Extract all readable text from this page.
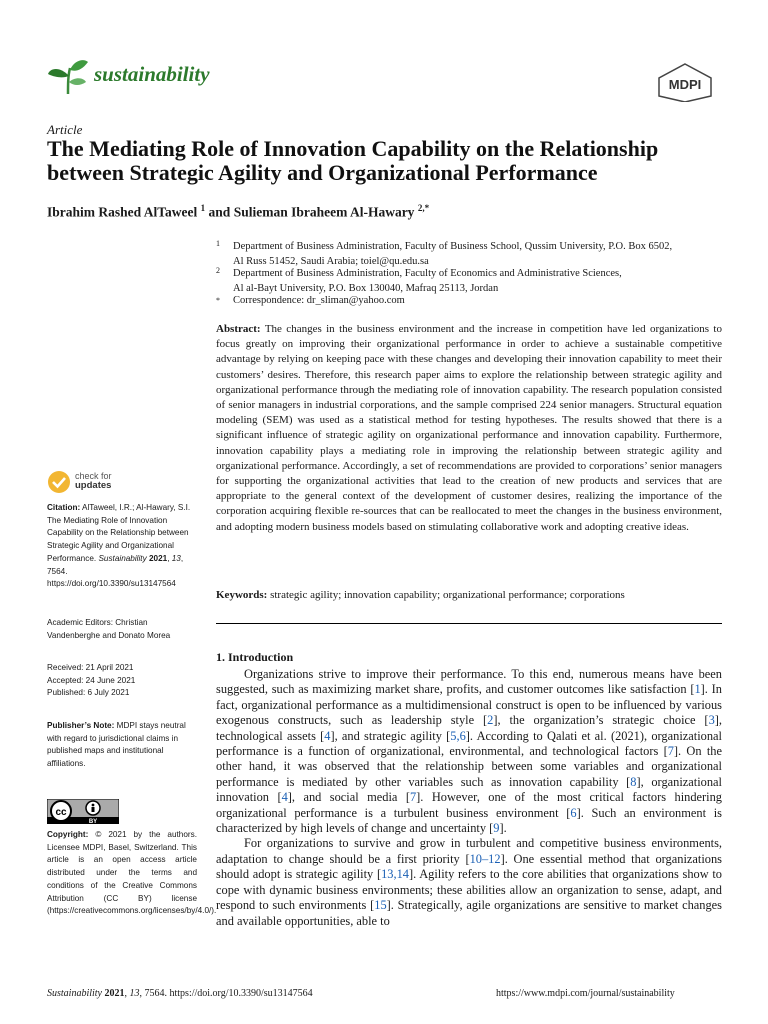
sustainability	MDPI
Article
The Mediating Role of Innovation Capability on the Relationship between Strategic Agility and Organizational Performance
Ibrahim Rashed AlTaweel $^1$ and Sulieman Ibraheem Al-Hawary $^{2,*}$
1	Department of Business Administration, Faculty of Business School, Qussim University, P.O. Box 6502,
Al Russ 51452, Saudi Arabia; toiel@qu.edu.sa
2	Department of Business Administration, Faculty of Economics and Administrative Sciences,
Al al-Bayt University, P.O. Box 130040, Mafraq 25113, Jordan
*	Correspondence: dr_sliman@yahoo.com
Abstract: The changes in the business environment and the increase in competition have led organizations to focus greatly on improving their organizational performance in order to achieve a sustainable competitive advantage by relying on keeping pace with these changes and developing their innovation capability to meet their customers’ desires. Therefore, this research paper aims to explore the relationship between strategic agility and organizational performance through the mediating role of innovation capability. The research population consisted of senior managers in industrial corporations, and the sample comprised 224 senior managers. Structural equation modeling (SEM) was used as a statistical method for testing hypotheses. The results showed that there is a significant influence of strategic agility on organizational performance and innovation capability. Furthermore, innovation capability plays a mediating role in improving the relationship between strategic agility and organizational performance. Accordingly, a set of recommendations are provided to corporations’ senior managers for supporting the organizational activities that lead to the creation of new products and services that are appropriate to the general context of the development of customer desires, realizing the importance of the corporation acquiring flexible re-sources that can be reallocated to meet the changes in the business environment, and adopting modern business models based on stimulating collaborative work and adopting creative ideas.
Keywords: strategic agility; innovation capability; organizational performance; corporations
1. Introduction

Organizations strive to improve their performance. To this end, numerous means have been suggested, such as maximizing market share, profits, and customer outcomes like satisfaction [1]. In fact, organizational performance as a multidimensional construct is open to be influenced by various exogenous constructs, such as leadership style [2], the organization’s strategic choice [3], technological assets [4], and strategic agility [5,6]. According to Qalati et al. (2021), organizational performance is a function of organizational, environmental, and technological factors [7]. On the other hand, it was observed that the relationship between some variables and organizational performance is mediated by other variables such as innovation capability [8], organizational innovation [4], and social media [7]. However, one of the most critical factors hindering organizational performance is a turbulent business environment [6]. Such an environment is characterized by high levels of change and uncertainty [9].

For organizations to survive and grow in turbulent and competitive business environments, adaptation to change should be a first priority [10–12]. One essential method that organizations should adopt is strategic agility [13,14]. Agility refers to the core abilities that organizations show to cope with dynamic business environments; these abilities allow an organization to sense, adapt, and respond to such environments [15]. Strategically, agile organizations are sensitive to market changes and available opportunities, able to

check for
updates
Citation: AlTaweel, I.R.; Al-Hawary, S.I. The Mediating Role of Innovation Capability on the Relationship between Strategic Agility and Organizational Performance. Sustainability 2021, 13, 7564. https://doi.org/10.3390/su13147564
Academic Editors: Christian Vandenberghe and Donato Morea
Received: 21 April 2021
Accepted: 24 June 2021
Published: 6 July 2021
Publisher’s Note: MDPI stays neutral with regard to jurisdictional claims in published maps and institutional affiliations.
cc
BY
Copyright: © 2021 by the authors. Licensee MDPI, Basel, Switzerland. This article is an open access article distributed under the terms and conditions of the Creative Commons Attribution (CC BY) license (https://creativecommons.org/licenses/by/4.0/).
Sustainability 2021, 13, 7564. https://doi.org/10.3390/su13147564	https://www.mdpi.com/journal/sustainability
